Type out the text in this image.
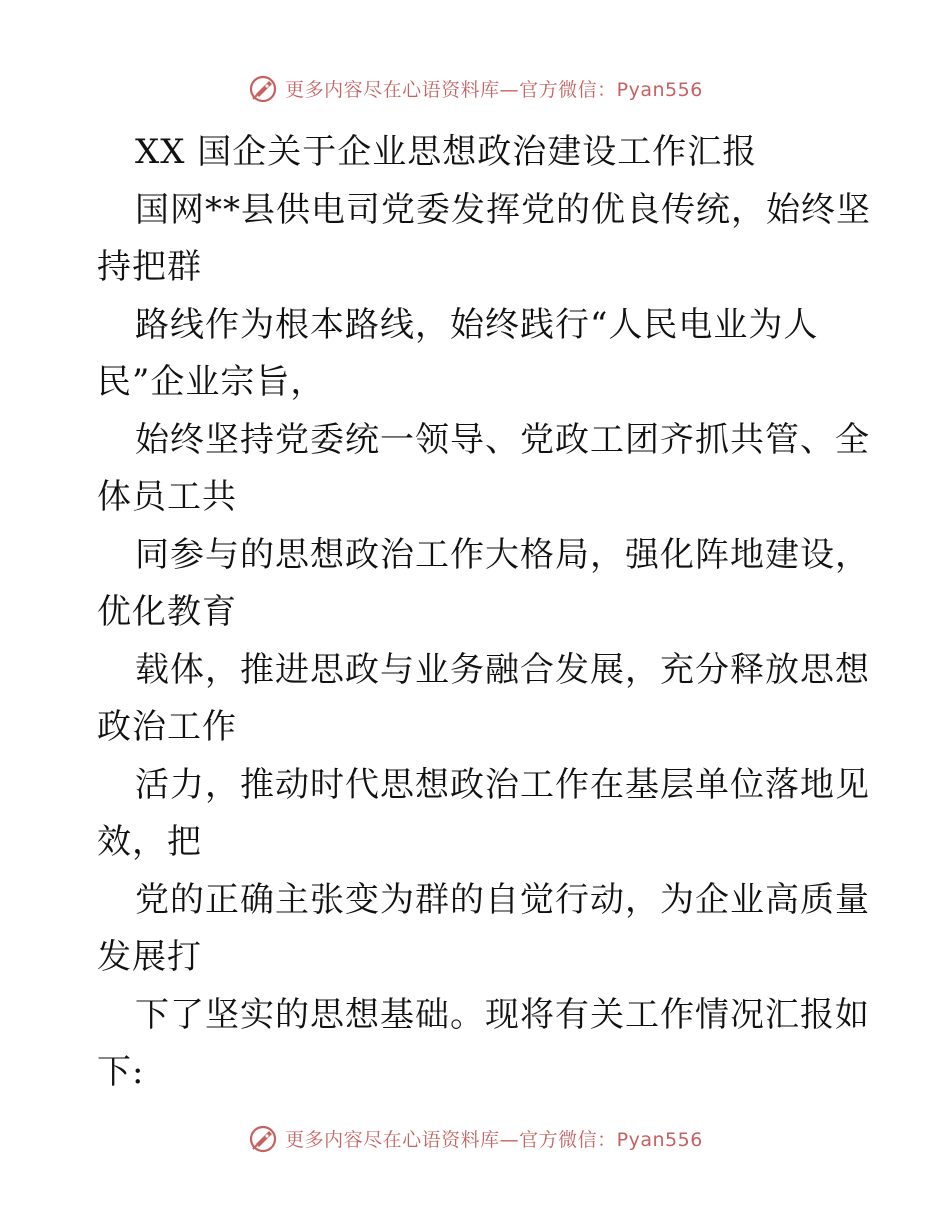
更多内容尽在心语资料库—官方微信：Pyan556
XX 国企关于企业思想政治建设工作汇报
国网**县供电司党委发挥党的优良传统，始终坚
持把群
路线作为根本路线，始终践行“人民电业为人
民”企业宗旨，
始终坚持党委统一领导、党政工团齐抓共管、全
体员工共
同参与的思想政治工作大格局，强化阵地建设，
优化教育
载体，推进思政与业务融合发展，充分释放思想
政治工作
活力，推动时代思想政治工作在基层单位落地见
效，把
党的正确主张变为群的自觉行动，为企业高质量
发展打
下了坚实的思想基础。现将有关工作情况汇报如
下:
更多内容尽在心语资料库—官方微信：Pyan556
